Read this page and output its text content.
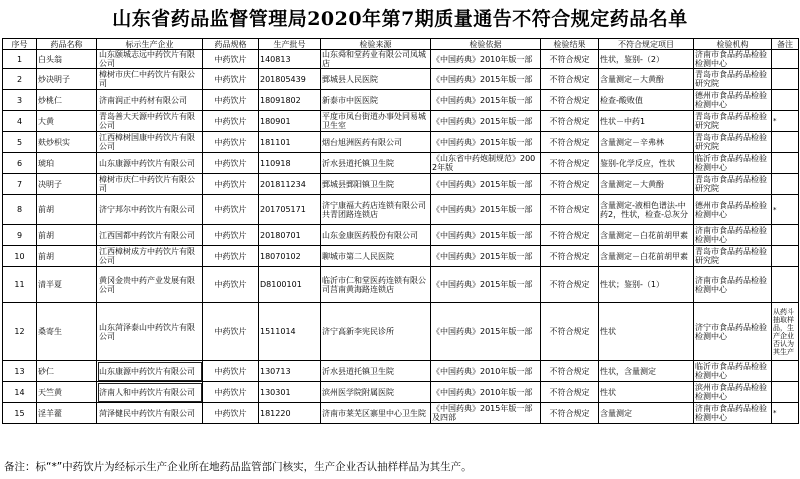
山东省药品监督管理局2020年第7期质量通告不符合规定药品名单
序号	药品名称	标示生产企业	药品规格	生产批号	检验来源	检验依据	检验结果	不符合规定项目	检验机构	备注
1	白头翁	山东颐城志远中药饮片有限公司	中药饮片	140813	山东舜和堂药业有限公司凤城店	《中国药典》2010年版一部	不符合规定	性状，鉴别-（2）	济南市食品药品检验检测中心	
2	炒决明子	樟树市庆仁中药饮片有限公司	中药饮片	201805439	鄄城县人民医院	《中国药典》2015年版一部	不符合规定	含量测定－大黄酚	青岛市食品药品检验研究院	
3	炒桃仁	济南润正中药材有限公司	中药饮片	18091802	新泰市中医医院	《中国药典》2015年版一部	不符合规定	检查-酸败值	德州市食品药品检验检测中心	
4	大黄	青岛善大天源中药饮片有限公司	中药饮片	180901	平度市凤台街道办事处同易城卫生室	《中国药典》2015年版一部	不符合规定	性状－中药1	青岛市食品药品检验研究院	*
5	麸炒枳实	江西樟树国康中药饮片有限公司	中药饮片	181101	烟台旭洲医药有限公司	《中国药典》2015年版一部	不符合规定	含量测定－辛弗林	青岛市食品药品检验研究院	
6	琥珀	山东康源中药饮片有限公司	中药饮片	110918	沂水县道托镇卫生院	《山东省中药炮制规范》2002年版	不符合规定	鉴别-化学反应，性状	临沂市食品药品检验检测中心	
7	决明子	樟树市庆仁中药饮片有限公司	中药饮片	201811234	鄄城县鄄阳镇卫生院	《中国药典》2015年版一部	不符合规定	含量测定－大黄酚	青岛市食品药品检验研究院	
8	前胡	济宁邦尔中药饮片有限公司	中药饮片	201705171	济宁康福大药店连锁有限公司共青团路连锁店	《中国药典》2015年版一部	不符合规定	含量测定-液相色谱法-中药2，性状，检查-总灰分	德州市食品药品检验检测中心	*
9	前胡	江西国都中药饮片有限公司	中药饮片	20180701	山东金康医药股份有限公司	《中国药典》2015年版一部	不符合规定	含量测定－白花前胡甲素	济南市食品药品检验检测中心	
10	前胡	江西樟树成方中药饮片有限公司	中药饮片	18070102	聊城市第二人民医院	《中国药典》2015年版一部	不符合规定	含量测定－白花前胡甲素	青岛市食品药品检验研究院	
11	清半夏	黄冈金贵中药产业发展有限公司	中药饮片	D8100101	临沂市仁和堂医药连锁有限公司莒南黄海路连锁店	《中国药典》2015年版一部	不符合规定	性状；鉴别-（1）	济南市食品药品检验检测中心	
12	桑寄生	山东菏泽泰山中药饮片有限公司	中药饮片	1511014	济宁高新李宪民诊所	《中国药典》2015年版一部	不符合规定	性状	济宁市食品药品检验检测中心	从药斗抽取样品，生产企业否认为其生产
13	砂仁	山东康源中药饮片有限公司	中药饮片	130713	沂水县道托镇卫生院	《中国药典》2010年版一部	不符合规定	性状，含量测定	临沂市食品药品检验检测中心	
14	天竺黄	济南人和中药饮片有限公司	中药饮片	130301	滨州医学院附属医院	《中国药典》2010年版一部	不符合规定	性状	滨州市食品药品检验检测中心	
15	淫羊藿	菏泽健民中药饮片有限公司	中药饮片	181220	济南市莱芜区寨里中心卫生院	《中国药典》2015年版一部及四部	不符合规定	含量测定	济南市食品药品检验检测中心	*
备注：标“*”中药饮片为经标示生产企业所在地药品监管部门核实，生产企业否认抽样样品为其生产。
